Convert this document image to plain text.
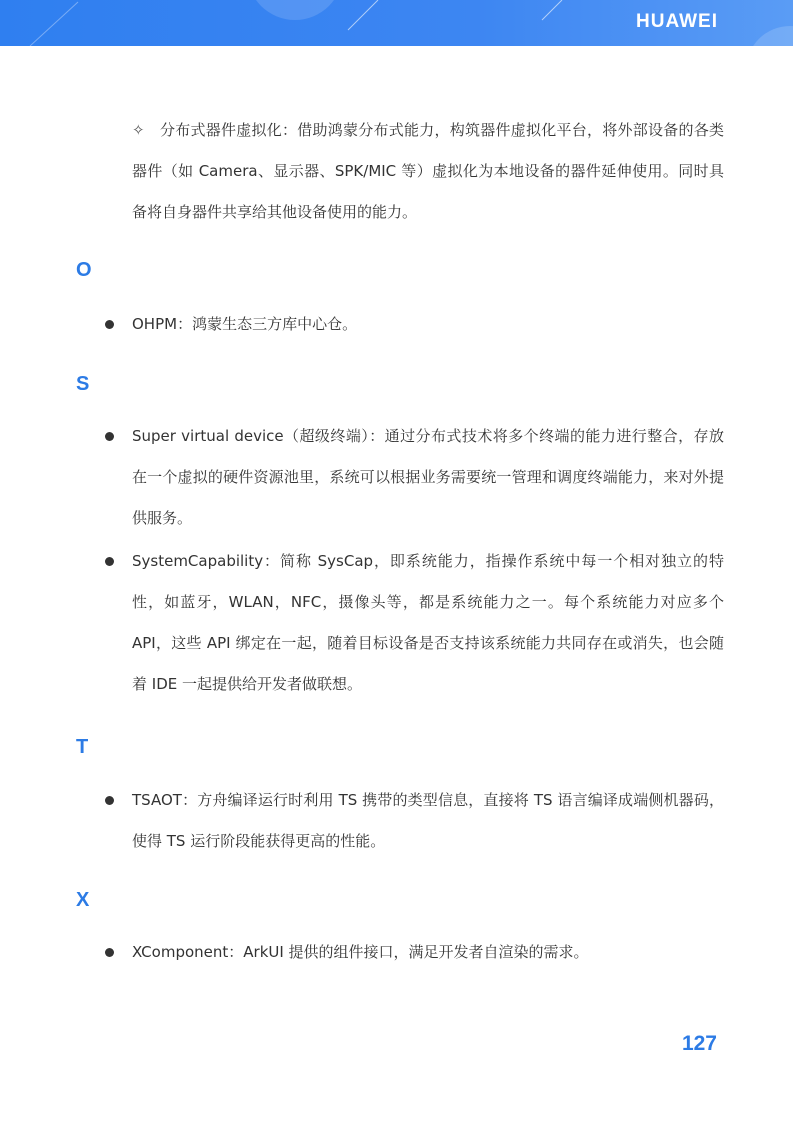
HUAWEI
✧	分布式器件虚拟化：借助鸿蒙分布式能力，构筑器件虚拟化平台，将外部设备的各类器件（如 Camera、显示器、SPK/MIC 等）虚拟化为本地设备的器件延伸使用。同时具备将自身器件共享给其他设备使用的能力。
O
OHPM：鸿蒙生态三方库中心仓。
S
Super virtual device（超级终端）：通过分布式技术将多个终端的能力进行整合，存放在一个虚拟的硬件资源池里，系统可以根据业务需要统一管理和调度终端能力，来对外提供服务。
SystemCapability：简称 SysCap，即系统能力，指操作系统中每一个相对独立的特性，如蓝牙，WLAN，NFC，摄像头等，都是系统能力之一。每个系统能力对应多个 API，这些 API 绑定在一起，随着目标设备是否支持该系统能力共同存在或消失，也会随着 IDE 一起提供给开发者做联想。
T
TSAOT：方舟编译运行时利用 TS 携带的类型信息，直接将 TS 语言编译成端侧机器码，使得 TS 运行阶段能获得更高的性能。
X
XComponent：ArkUI 提供的组件接口，满足开发者自渲染的需求。
127
